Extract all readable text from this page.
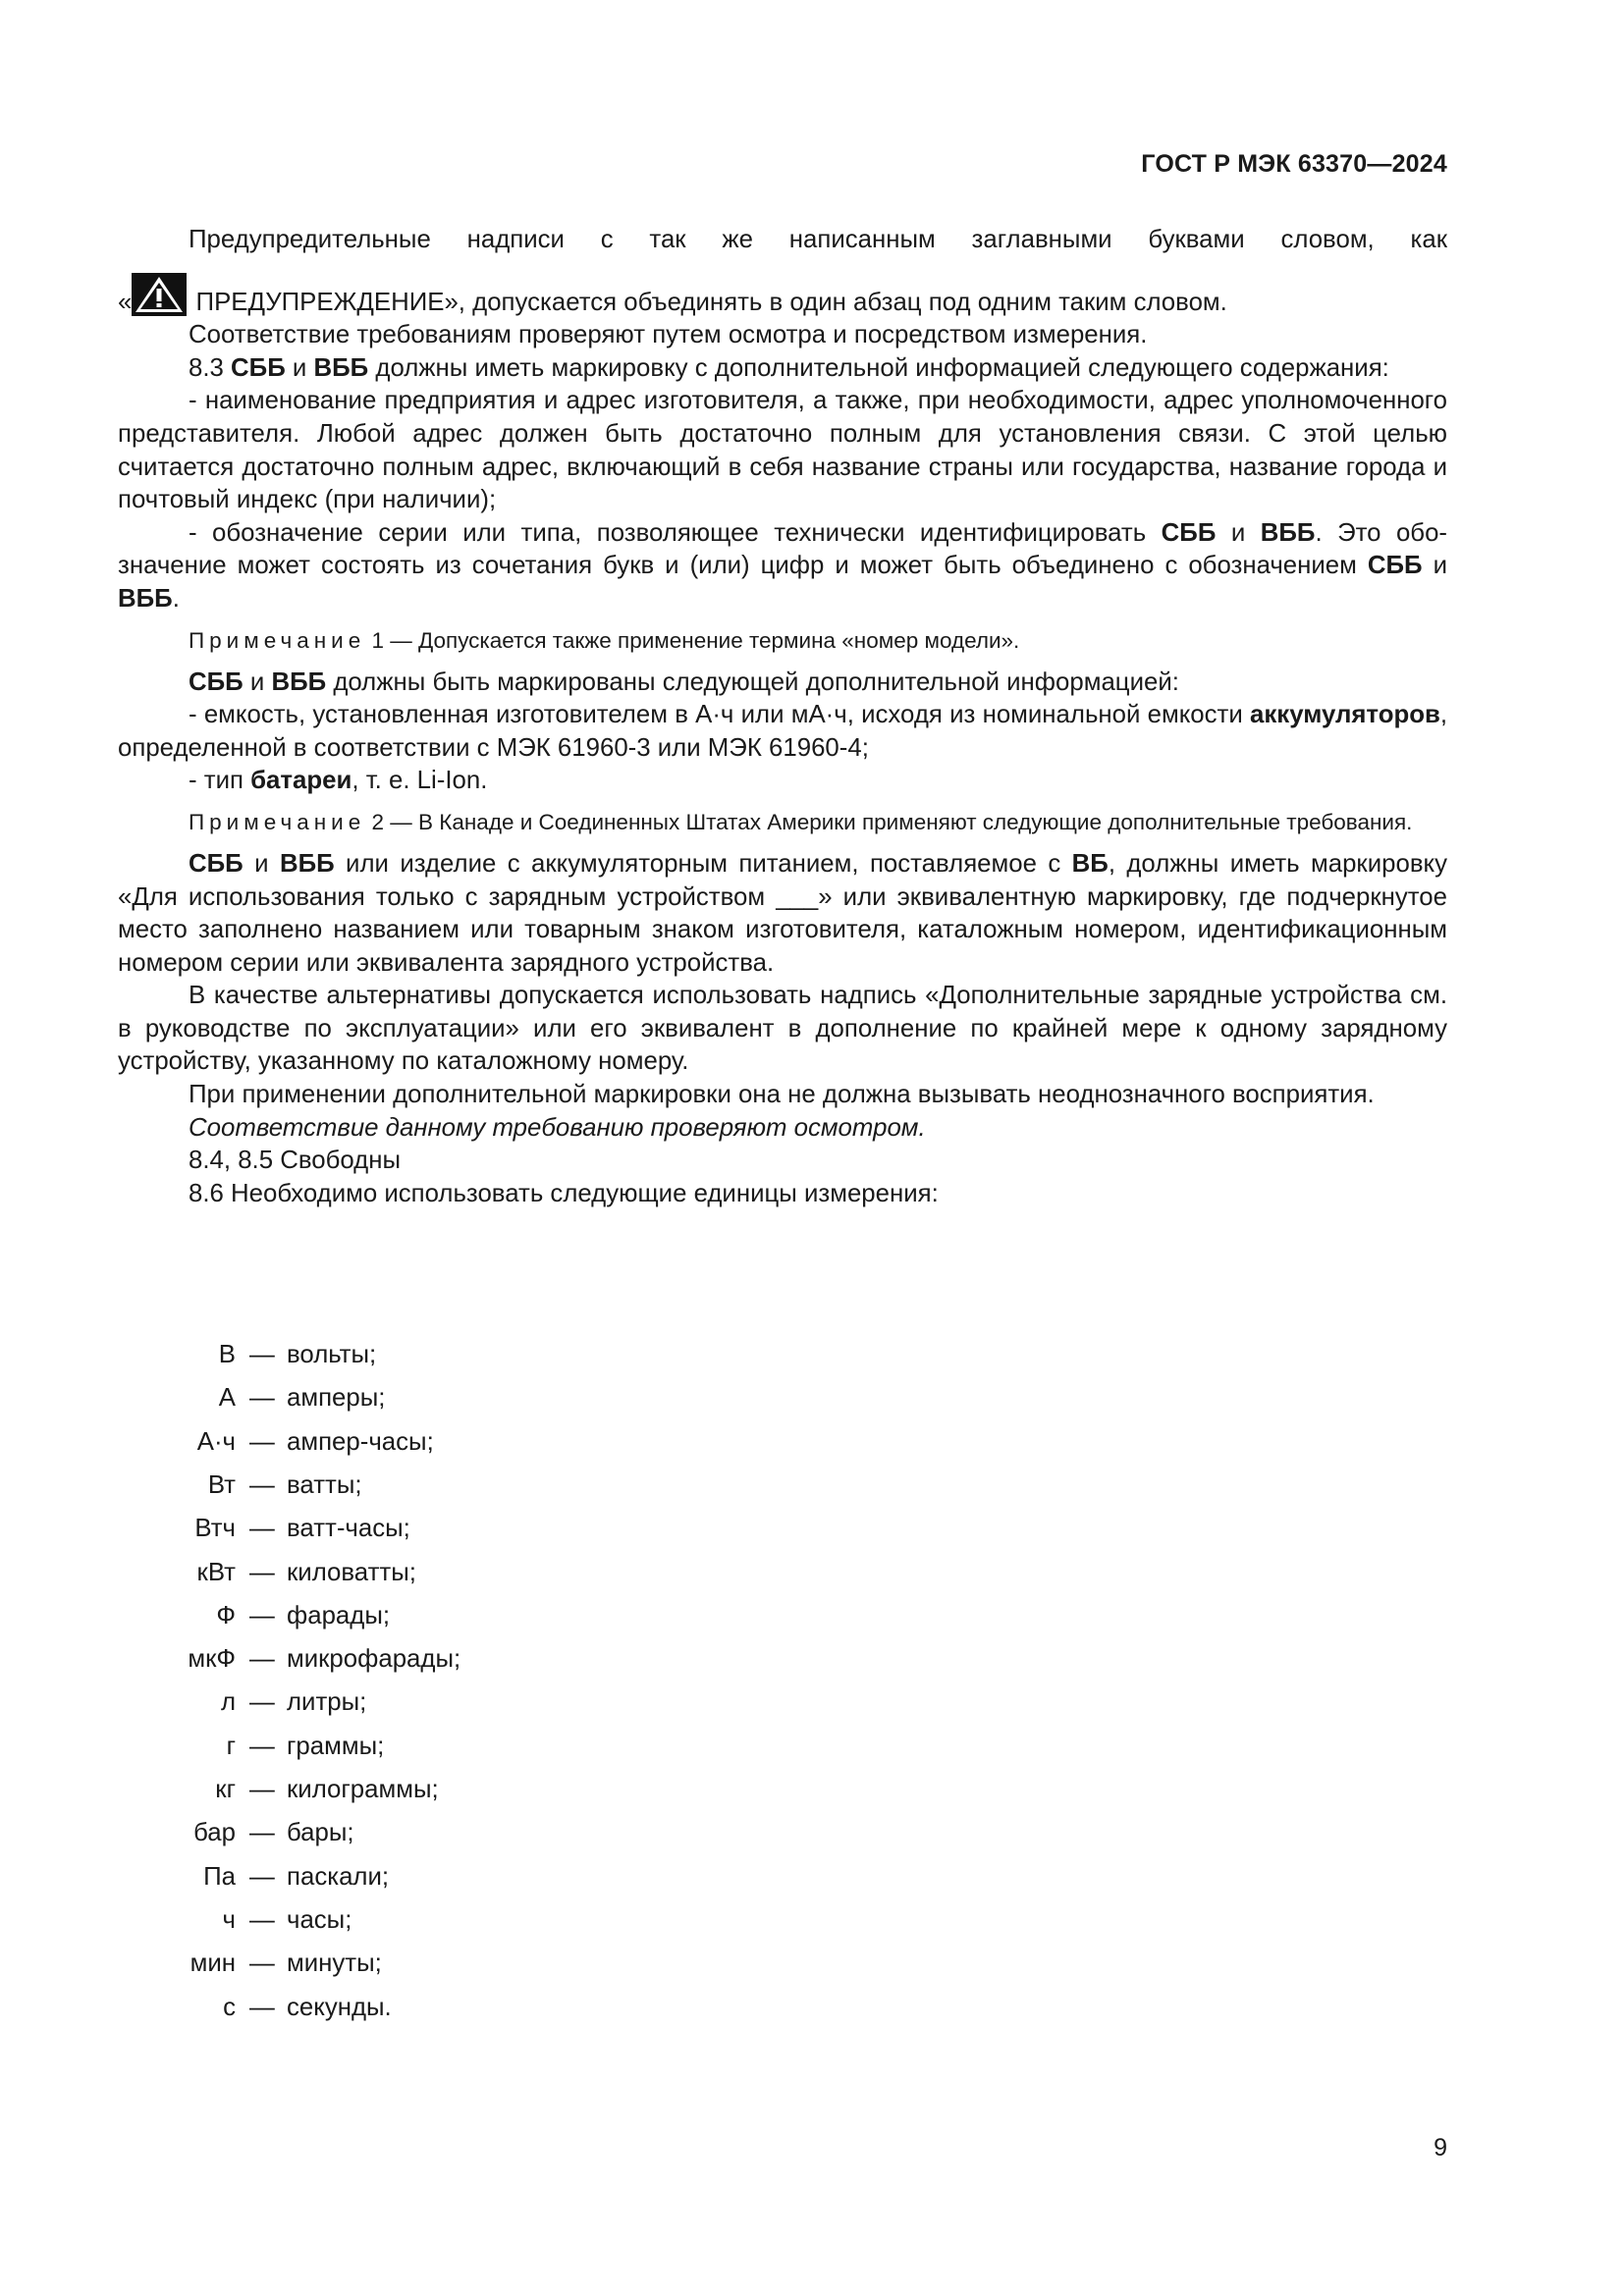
ГОСТ Р МЭК 63370—2024

Предупредительные надписи с так же написанным заглавными буквами словом, как

«
ПРЕДУПРЕЖДЕНИЕ», допускается объединять в один абзац под одним таким словом.

Соответствие требованиям проверяют путем осмотра и посредством измерения.

8.3 СББ и ВББ должны иметь маркировку с дополнительной информацией следующего содержания:

- наименование предприятия и адрес изготовителя, а также, при необходимости, адрес уполномоченного представителя. Любой адрес должен быть достаточно полным для установления связи. С этой целью считается достаточно полным адрес, включающий в себя название страны или государства, название города и почтовый индекс (при наличии);

- обозначение серии или типа, позволяющее технически идентифицировать СББ и ВББ. Это обозначение может состоять из сочетания букв и (или) цифр и может быть объединено с обозначением СББ и ВББ.

Примечание 1 — Допускается также применение термина «номер модели».

СББ и ВББ должны быть маркированы следующей дополнительной информацией:

- емкость, установленная изготовителем в А·ч или мА·ч, исходя из номинальной емкости аккумуляторов, определенной в соответствии с МЭК 61960-3 или МЭК 61960-4;

- тип батареи, т. е. Li-Ion.

Примечание 2 — В Канаде и Соединенных Штатах Америки применяют следующие дополнительные требования.

СББ и ВББ или изделие с аккумуляторным питанием, поставляемое с ВБ, должны иметь маркировку «Для использования только с зарядным устройством ___» или эквивалентную маркировку, где подчеркнутое место заполнено названием или товарным знаком изготовителя, каталожным номером, идентификационным номером серии или эквивалента зарядного устройства.

В качестве альтернативы допускается использовать надпись «Дополнительные зарядные устройства см. в руководстве по эксплуатации» или его эквивалент в дополнение по крайней мере к одному зарядному устройству, указанному по каталожному номеру.

При применении дополнительной маркировки она не должна вызывать неоднозначного восприятия.

Соответствие данному требованию проверяют осмотром.

8.4, 8.5 Свободны

8.6 Необходимо использовать следующие единицы измерения:

В — вольты;
А — амперы;
А·ч — ампер-часы;
Вт — ватты;
Втч — ватт-часы;
кВт — киловатты;
Ф — фарады;
мкФ — микрофарады;
л — литры;
г — граммы;
кг — килограммы;
бар — бары;
Па — паскали;
ч — часы;
мин — минуты;
с — секунды.
9
